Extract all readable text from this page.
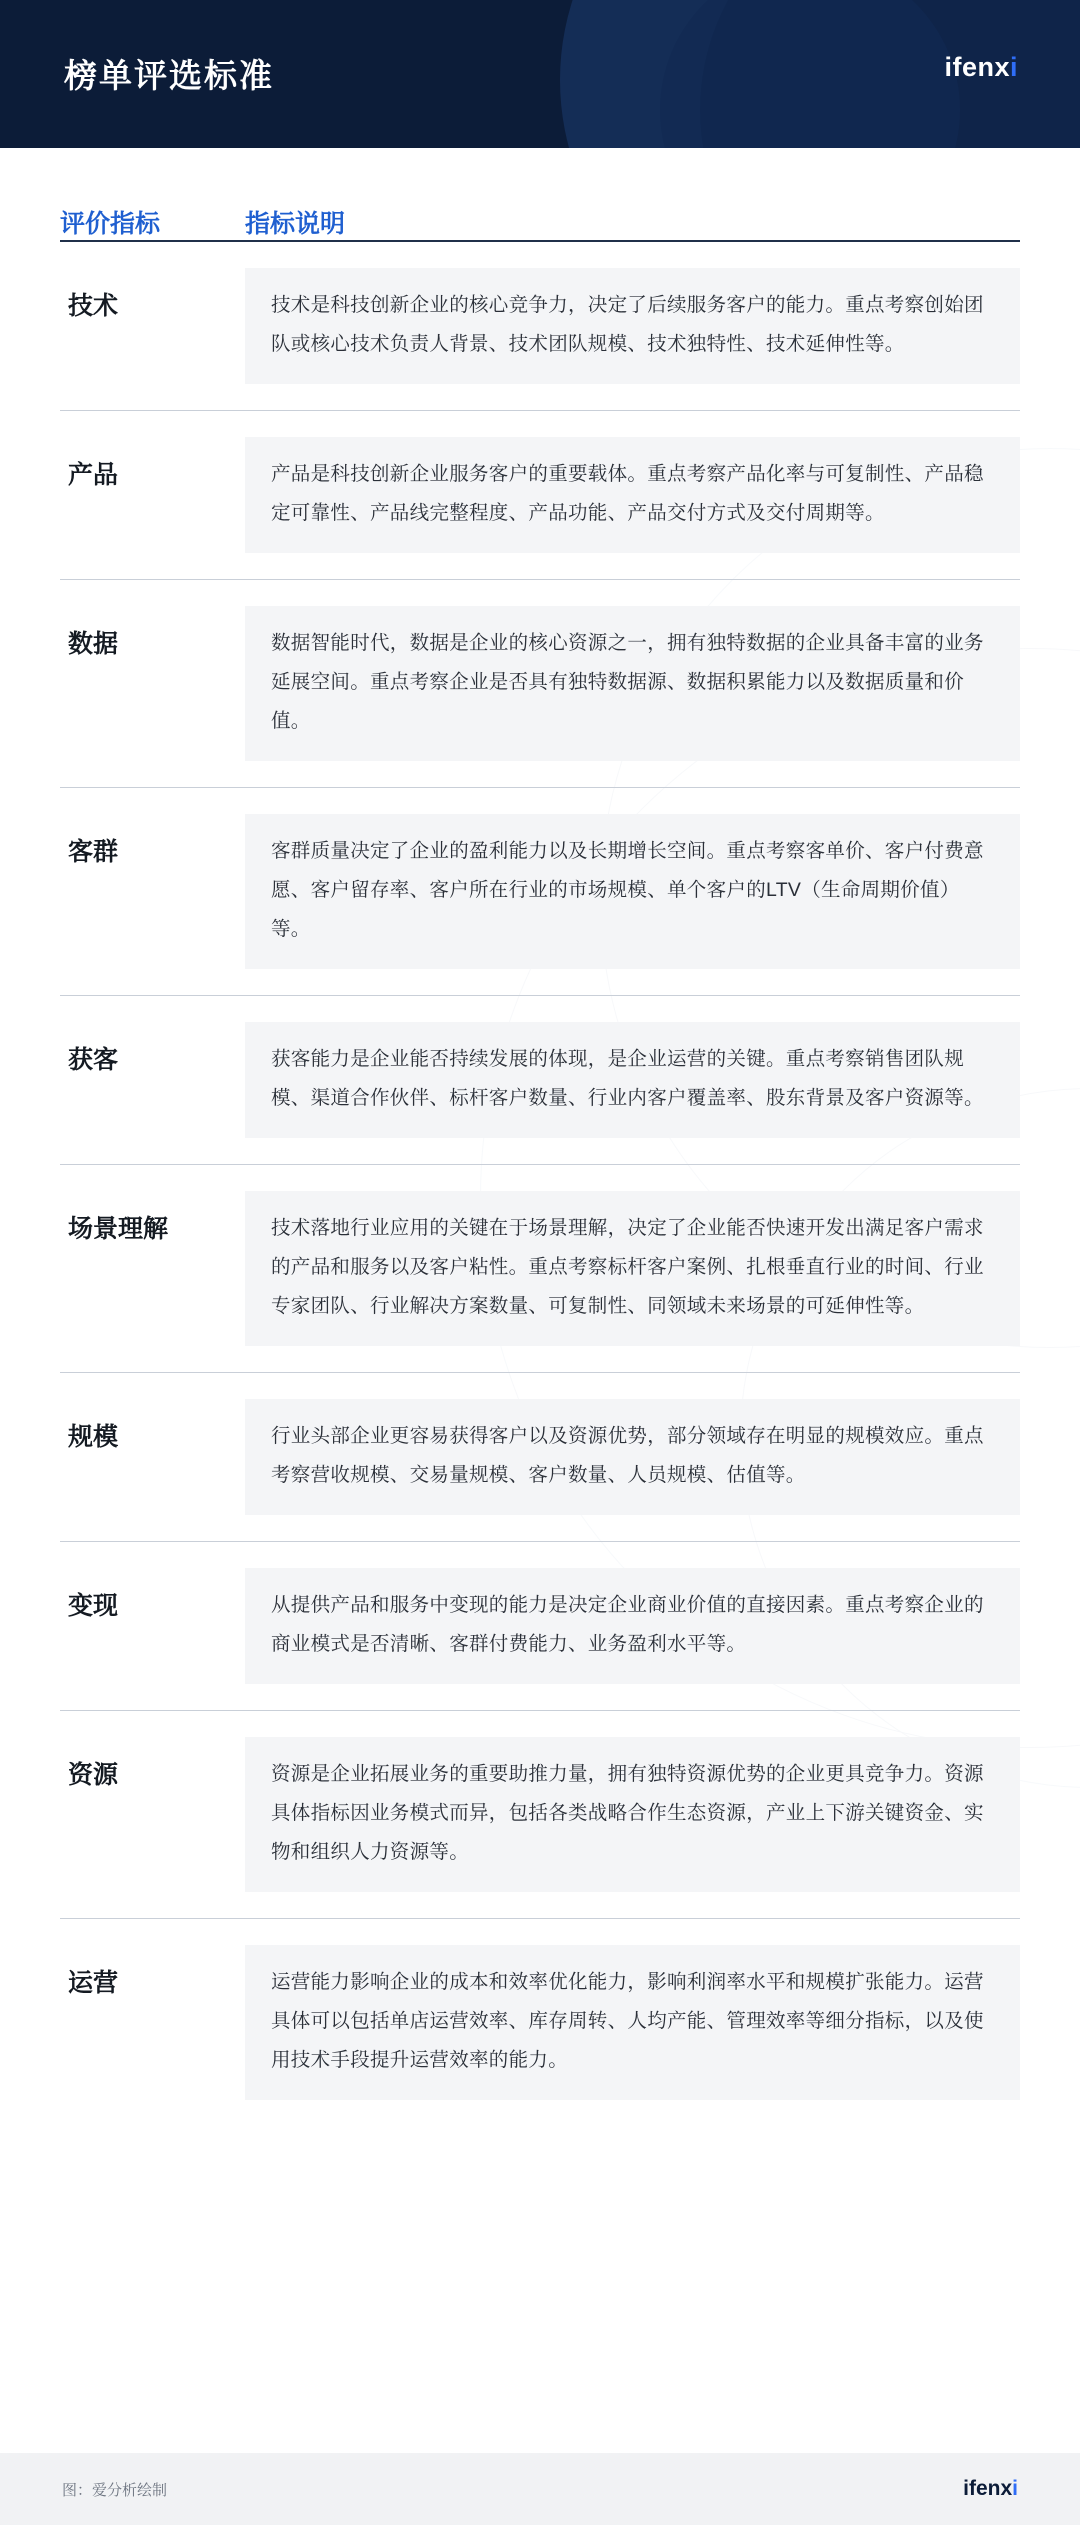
榜单评选标准	ifenxi
评价指标	指标说明
技术	技术是科技创新企业的核心竞争力，决定了后续服务客户的能力。重点考察创始团队或核心技术负责人背景、技术团队规模、技术独特性、技术延伸性等。
产品	产品是科技创新企业服务客户的重要载体。重点考察产品化率与可复制性、产品稳定可靠性、产品线完整程度、产品功能、产品交付方式及交付周期等。
数据	数据智能时代，数据是企业的核心资源之一，拥有独特数据的企业具备丰富的业务延展空间。重点考察企业是否具有独特数据源、数据积累能力以及数据质量和价值。
客群	客群质量决定了企业的盈利能力以及长期增长空间。重点考察客单价、客户付费意愿、客户留存率、客户所在行业的市场规模、单个客户的LTV（生命周期价值）等。
获客	获客能力是企业能否持续发展的体现，是企业运营的关键。重点考察销售团队规模、渠道合作伙伴、标杆客户数量、行业内客户覆盖率、股东背景及客户资源等。
场景理解	技术落地行业应用的关键在于场景理解，决定了企业能否快速开发出满足客户需求的产品和服务以及客户粘性。重点考察标杆客户案例、扎根垂直行业的时间、行业专家团队、行业解决方案数量、可复制性、同领域未来场景的可延伸性等。
规模	行业头部企业更容易获得客户以及资源优势，部分领域存在明显的规模效应。重点考察营收规模、交易量规模、客户数量、人员规模、估值等。
变现	从提供产品和服务中变现的能力是决定企业商业价值的直接因素。重点考察企业的商业模式是否清晰、客群付费能力、业务盈利水平等。
资源	资源是企业拓展业务的重要助推力量，拥有独特资源优势的企业更具竞争力。资源具体指标因业务模式而异，包括各类战略合作生态资源，产业上下游关键资金、实物和组织人力资源等。
运营	运营能力影响企业的成本和效率优化能力，影响利润率水平和规模扩张能力。运营具体可以包括单店运营效率、库存周转、人均产能、管理效率等细分指标，以及使用技术手段提升运营效率的能力。
图：爱分析绘制	ifenxi
